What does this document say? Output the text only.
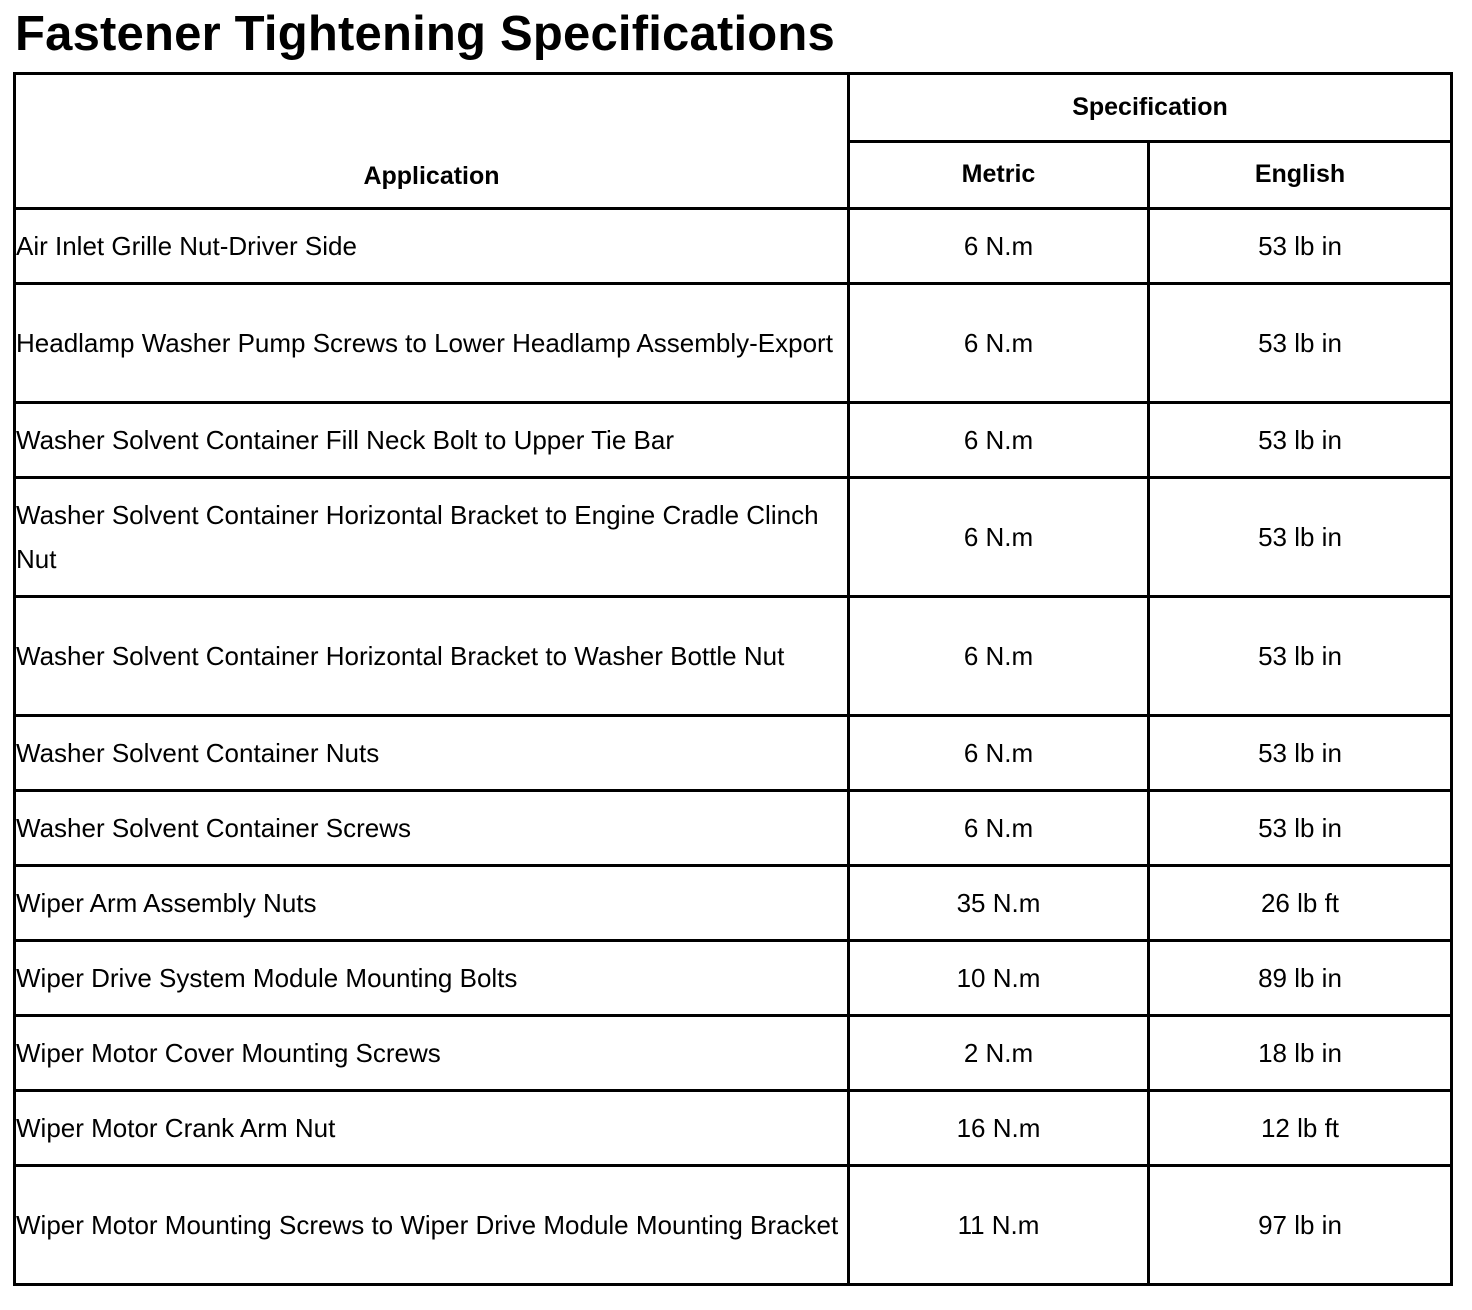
Fastener Tightening Specifications
Application	Specification	
	Metric	English
Air Inlet Grille Nut-Driver Side	6 N.m	53 lb in
Headlamp Washer Pump Screws to Lower Headlamp Assembly-Export	6 N.m	53 lb in
Washer Solvent Container Fill Neck Bolt to Upper Tie Bar	6 N.m	53 lb in
Washer Solvent Container Horizontal Bracket to Engine Cradle Clinch Nut	6 N.m	53 lb in
Washer Solvent Container Horizontal Bracket to Washer Bottle Nut	6 N.m	53 lb in
Washer Solvent Container Nuts	6 N.m	53 lb in
Washer Solvent Container Screws	6 N.m	53 lb in
Wiper Arm Assembly Nuts	35 N.m	26 lb ft
Wiper Drive System Module Mounting Bolts	10 N.m	89 lb in
Wiper Motor Cover Mounting Screws	2 N.m	18 lb in
Wiper Motor Crank Arm Nut	16 N.m	12 lb ft
Wiper Motor Mounting Screws to Wiper Drive Module Mounting Bracket	11 N.m	97 lb in
